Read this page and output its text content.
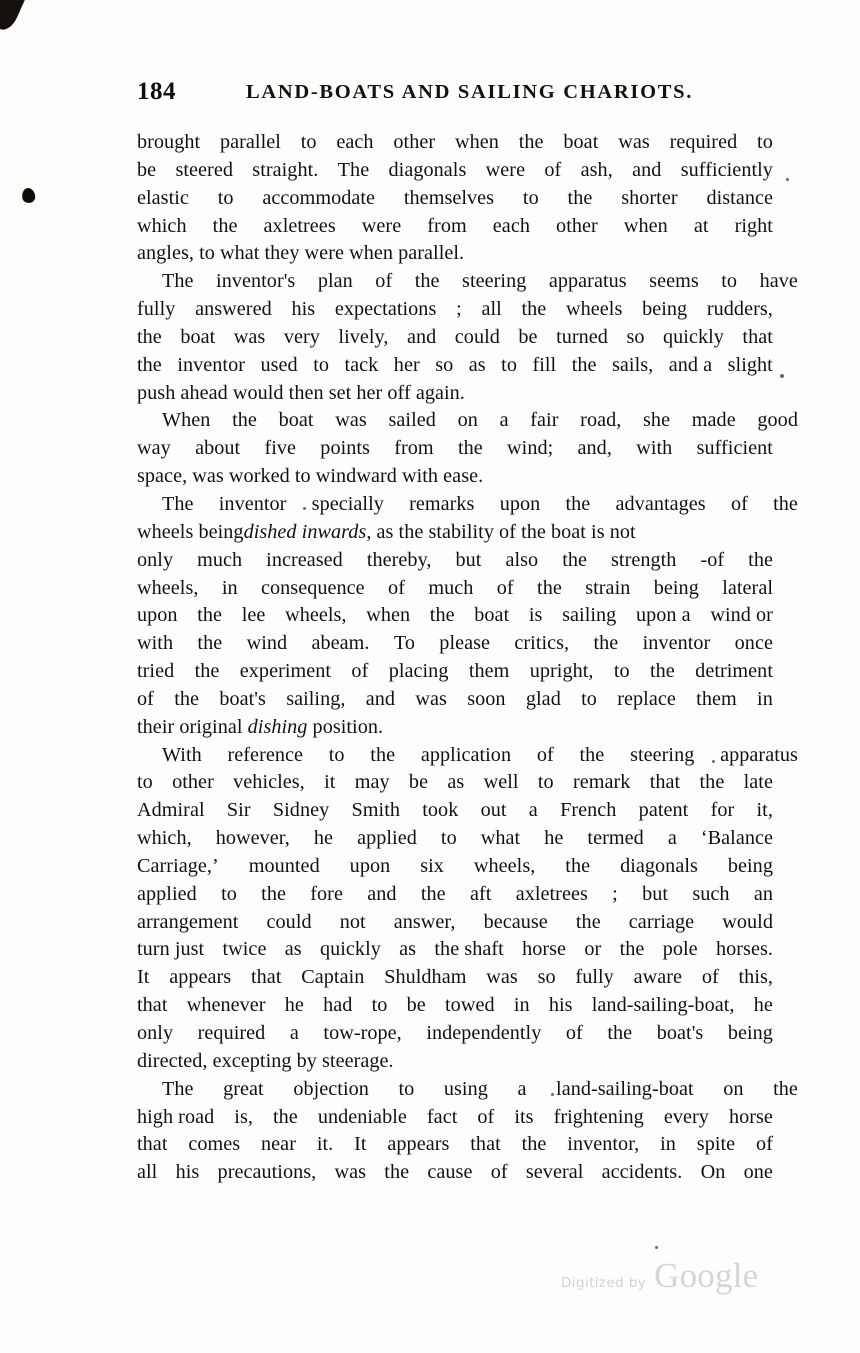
184	LAND-BOATS AND SAILING CHARIOTS.
brought parallel to each other when the boat was required to
be steered straight. The diagonals were of ash, and sufficiently
elastic to accommodate themselves to the shorter distance
which the axletrees were from each other when at right
angles, to what they were when parallel.
The inventor's plan of the steering apparatus seems to have
fully answered his expectations ; all the wheels being rudders,
the boat was very lively, and could be turned so quickly that
the inventor used to tack her so as to fill the sails, and a slight
push ahead would then set her off again.
When the boat was sailed on a fair road, she made good
way about five points from the wind; and, with sufficient
space, was worked to windward with ease.
The inventor specially remarks upon the advantages of the
wheels being dished inwards , as the stability of the boat is not
only much increased thereby, but also the strength -of the
wheels, in consequence of much of the strain being lateral
upon the lee wheels, when the boat is sailing upon a wind or
with the wind abeam. To please critics, the inventor once
tried the experiment of placing them upright, to the detriment
of the boat's sailing, and was soon glad to replace them in
their original dishing position.
With reference to the application of the steering apparatus
to other vehicles, it may be as well to remark that the late
Admiral Sir Sidney Smith took out a French patent for it,
which, however, he applied to what he termed a ‘Balance
Carriage,’ mounted upon six wheels, the diagonals being
applied to the fore and the aft axletrees ; but such an
arrangement could not answer, because the carriage would
turn just twice as quickly as the shaft horse or the pole horses.
It appears that Captain Shuldham was so fully aware of this,
that whenever he had to be towed in his land-sailing-boat, he
only required a tow-rope, independently of the boat's being
directed, excepting by steerage.
The great objection to using a land-sailing-boat on the
high road is, the undeniable fact of its frightening every horse
that comes near it. It appears that the inventor, in spite of
all his precautions, was the cause of several accidents. On one
Digitized by Google
